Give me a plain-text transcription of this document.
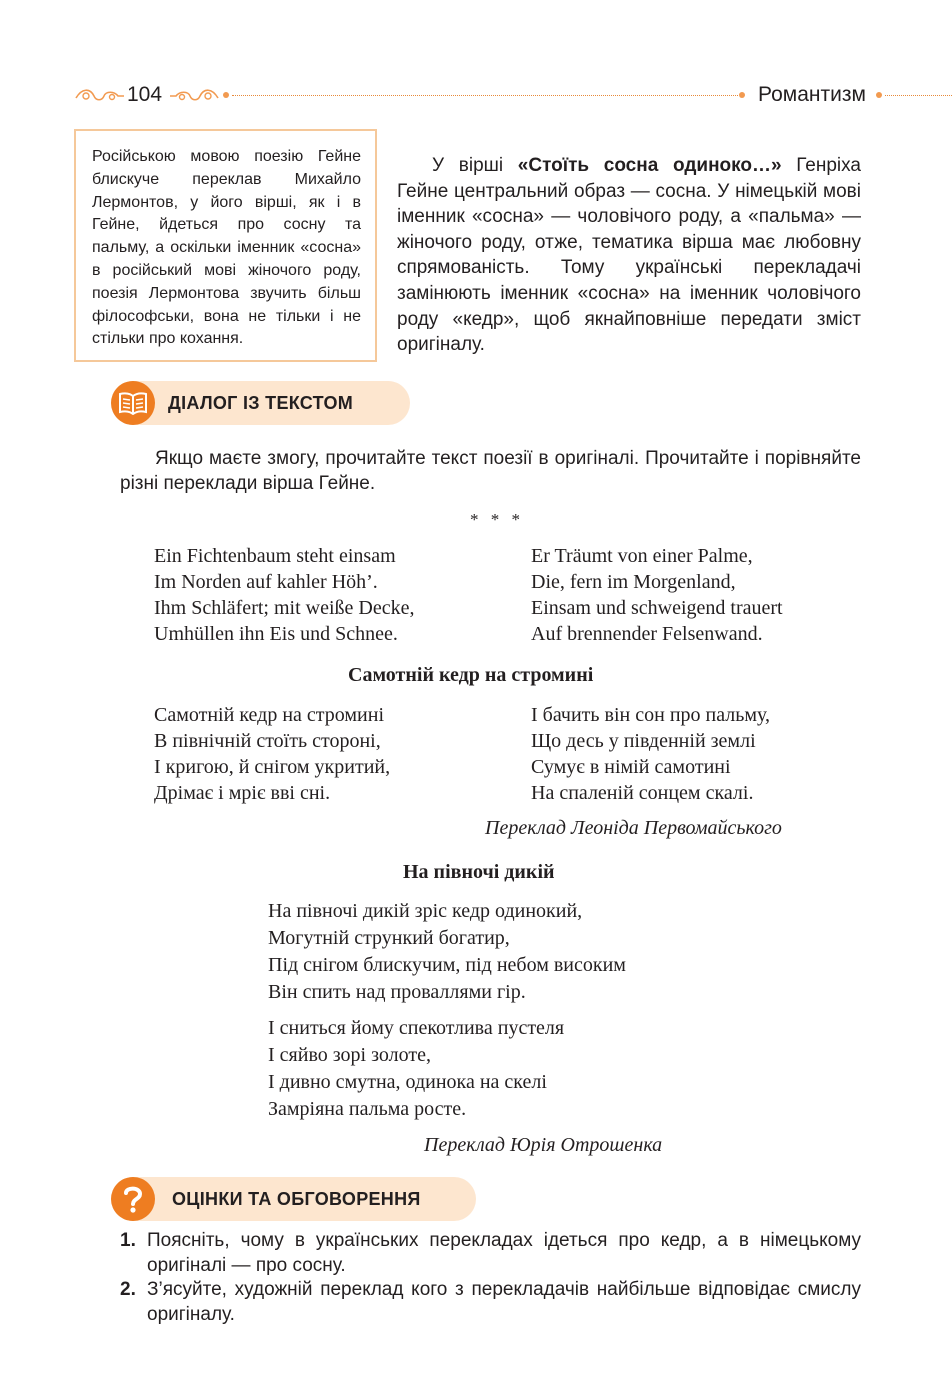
104	Романтизм
Російською мовою поезію Гейне блискуче переклав Михайло Лермонтов, у його вірші, як і в Гейне, йдеться про сосну та пальму, а оскільки іменник «сосна» в російський мові жіночого роду, поезія Лермонтова звучить більш філософськи, вона не тільки і не стільки про кохання.

У вірші «Стоїть сосна одиноко…» Генріха Гейне центральний образ — сосна. У німецькій мові іменник «сосна» — чоловічого роду, а «пальма» — жіночого роду, отже, тематика вірша має любовну спрямованість. Тому українські перекладачі замінюють іменник «сосна» на іменник чоловічого роду «кедр», щоб якнайповніше передати зміст оригіналу.

ДІАЛОГ ІЗ ТЕКСТОМ

Якщо маєте змогу, прочитайте текст поезії в оригіналі. Прочитайте і порівняйте різні переклади вірша Гейне.

* * *
Ein Fichtenbaum steht einsam
Im Norden auf kahler Höh’.
Ihm Schläfert; mit weiße Decke,
Umhüllen ihn Eis und Schnee.
Er Träumt von einer Palme,
Die, fern im Morgenland,
Einsam und schweigend trauert
Auf brennender Felsenwand.
Самотній кедр на стромині
Самотній кедр на стромині
В північній стоїть стороні,
І кригою, й снігом укритий,
Дрімає і мріє вві сні.
І бачить він сон про пальму,
Що десь у південній землі
Сумує в німій самотині
На спаленій сонцем скалі.
Переклад Леоніда Первомайського
На півночі дикій
На півночі дикій зріс кедр одинокий,
Могутній стрункий богатир,
Під снігом блискучим, під небом високим
Він спить над проваллями гір.
І сниться йому спекотлива пустеля
І сяйво зорі золоте,
І дивно смутна, одинока на скелі
Замріяна пальма росте.
Переклад Юрія Отрошенка
ОЦІНКИ ТА ОБГОВОРЕННЯ
1. Поясніть, чому в українських перекладах ідеться про кедр, а в німецькому оригіналі — про сосну.
2. З’ясуйте, художній переклад кого з перекладачів найбільше відповідає смислу оригіналу.
